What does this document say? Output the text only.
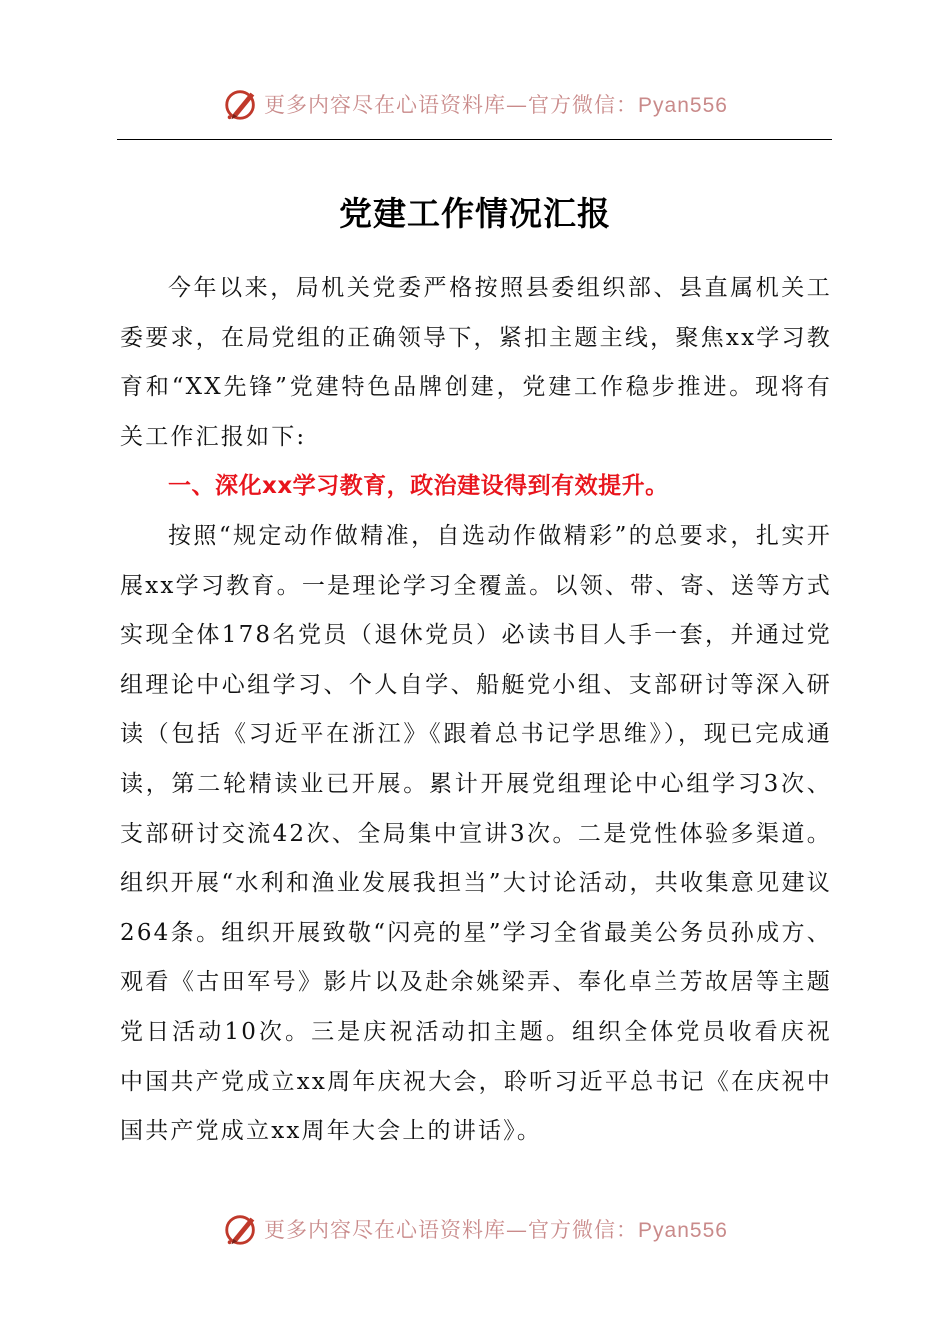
更多内容尽在心语资料库—官方微信：Pyan556
党建工作情况汇报

今年以来，局机关党委严格按照县委组织部、县直属机关工委要求，在局党组的正确领导下，紧扣主题主线，聚焦xx学习教育和“XX先锋”党建特色品牌创建，党建工作稳步推进。现将有关工作汇报如下:

一、深化xx学习教育，政治建设得到有效提升。

按照“规定动作做精准，自选动作做精彩”的总要求，扎实开展xx学习教育。一是理论学习全覆盖。以领、带、寄、送等方式实现全体178名党员（退休党员）必读书目人手一套，并通过党组理论中心组学习、个人自学、船艇党小组、支部研讨等深入研读（包括《习近平在浙江》《跟着总书记学思维》），现已完成通读，第二轮精读业已开展。累计开展党组理论中心组学习3次、支部研讨交流42次、全局集中宣讲3次。二是党性体验多渠道。组织开展“水利和渔业发展我担当”大讨论活动，共收集意见建议264条。组织开展致敬“闪亮的星”学习全省最美公务员孙成方、观看《古田军号》影片以及赴余姚梁弄、奉化卓兰芳故居等主题党日活动10次。三是庆祝活动扣主题。组织全体党员收看庆祝中国共产党成立xx周年庆祝大会，聆听习近平总书记《在庆祝中国共产党成立xx周年大会上的讲话》。

更多内容尽在心语资料库—官方微信：Pyan556
